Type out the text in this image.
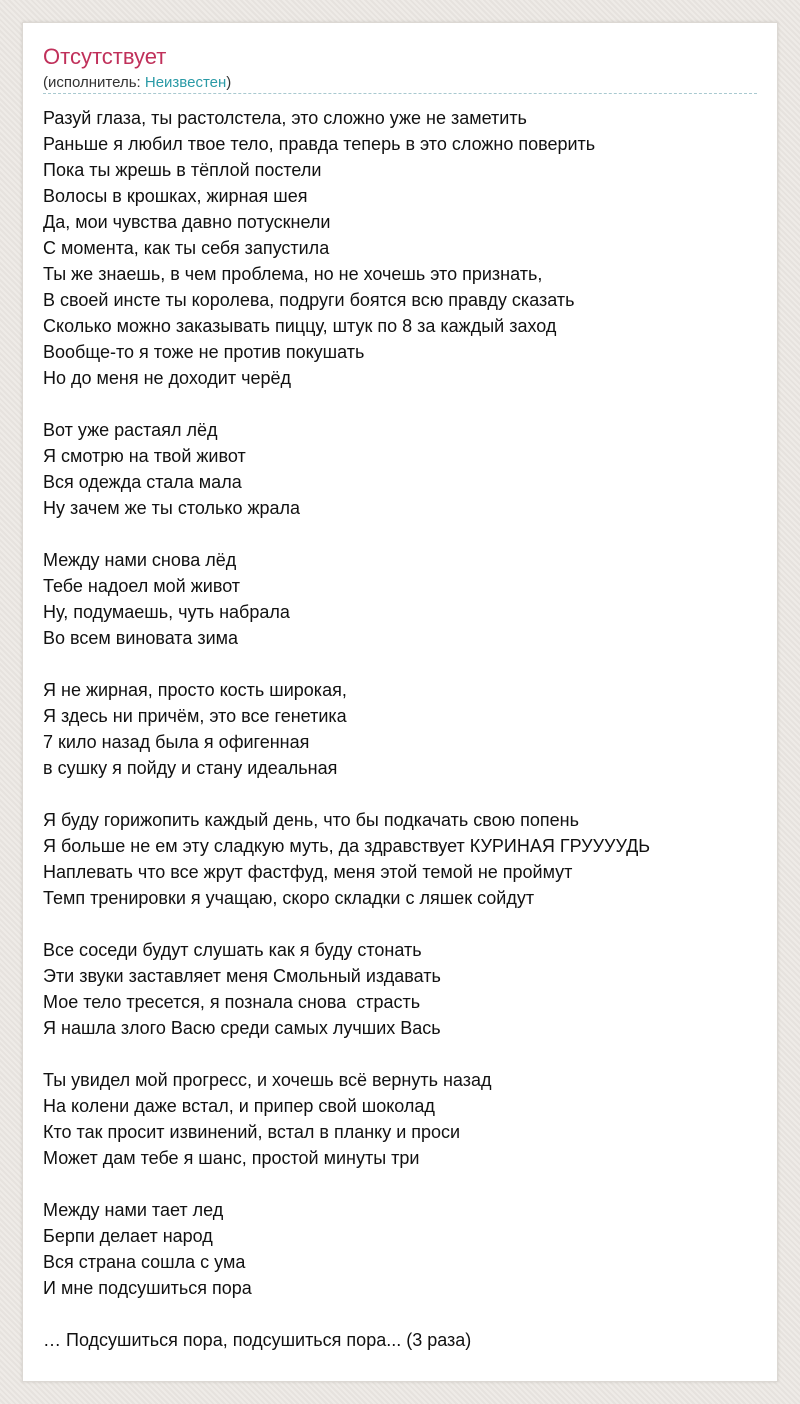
Отсутствует
(исполнитель: Неизвестен)
Разуй глаза, ты растолстела, это сложно уже не заметить
Раньше я любил твое тело, правда теперь в это сложно поверить
Пока ты жрешь в тёплой постели
Волосы в крошках, жирная шея
Да, мои чувства давно потускнели
С момента, как ты себя запустила
Ты же знаешь, в чем проблема, но не хочешь это признать,
В своей инсте ты королева, подруги боятся всю правду сказать
Сколько можно заказывать пиццу, штук по 8 за каждый заход
Вообще-то я тоже не против покушать
Но до меня не доходит черёд
Вот уже растаял лёд
Я смотрю на твой живот
Вся одежда стала мала
Ну зачем же ты столько жрала
Между нами снова лёд
Тебе надоел мой живот
Ну, подумаешь, чуть набрала
Во всем виновата зима
Я не жирная, просто кость широкая,
Я здесь ни причём, это все генетика
7 кило назад была я офигенная
в сушку я пойду и стану идеальная
Я буду горижопить каждый день, что бы подкачать свою попень
Я больше не ем эту сладкую муть, да здравствует КУРИНАЯ ГРУУУУДЬ
Наплевать что все жрут фастфуд, меня этой темой не проймут
Темп тренировки я учащаю, скоро складки с ляшек сойдут
Все соседи будут слушать как я буду стонать
Эти звуки заставляет меня Смольный издавать
Мое тело тресется, я познала снова  страсть
Я нашла злого Васю среди самых лучших Вась
Ты увидел мой прогресс, и хочешь всё вернуть назад
На колени даже встал, и припер свой шоколад
Кто так просит извинений, встал в планку и проси
Может дам тебе я шанс, простой минуты три
Между нами тает лед
Берпи делает народ
Вся страна сошла с ума
И мне подсушиться пора
… Подсушиться пора, подсушиться пора... (3 раза)
